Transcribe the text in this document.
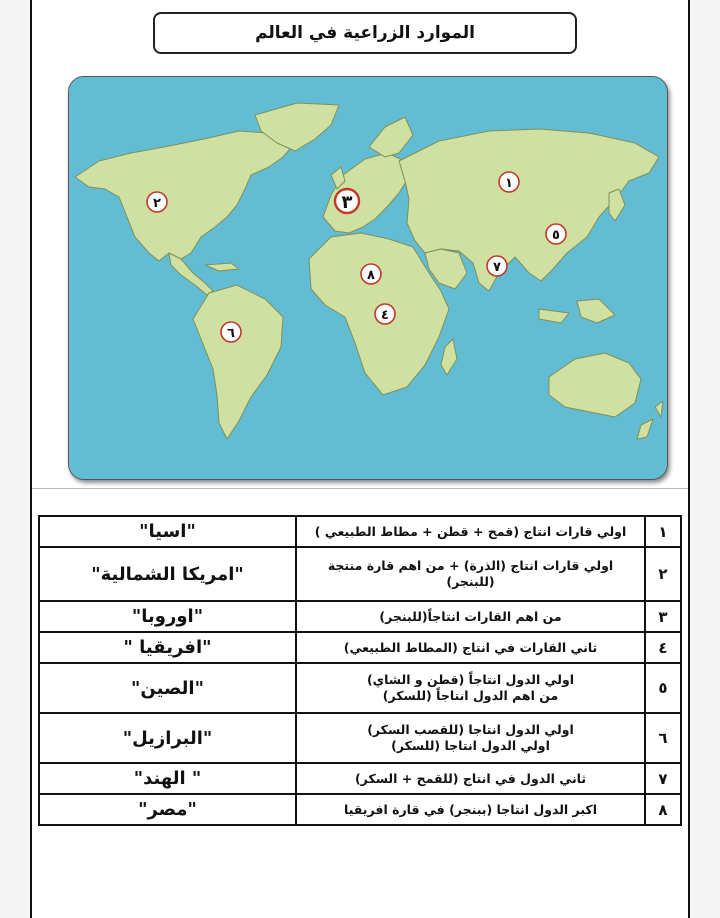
الموارد الزراعية في العالم
١
٢	٣
٤
٥
٦
٧
٨
١	اولي قارات انتاج (قمح + قطن + مطاط الطبيعي )	"اسيا"
٢	اولي قارات انتاج (الذرة) + من اهم قارة منتجة
(للبنجر)	"امريكا الشمالية"
٣	من اهم القارات انتاجاً(للبنجر)	"اوروبا"
٤	ثاني القارات في انتاج (المطاط الطبيعي)	"افريقيا "
٥	اولي الدول انتاجاً (قطن و الشاي)
من اهم الدول انتاجاً (للسكر)	"الصين"
٦	اولي الدول انتاجا (للقصب السكر)
اولي الدول انتاجا (للسكر)	"البرازيل"
٧	ثاني الدول في انتاج (للقمح + السكر)	" الهند"
٨	اكبر الدول انتاجا (ببنجر) في قارة افريقيا	"مصر"
